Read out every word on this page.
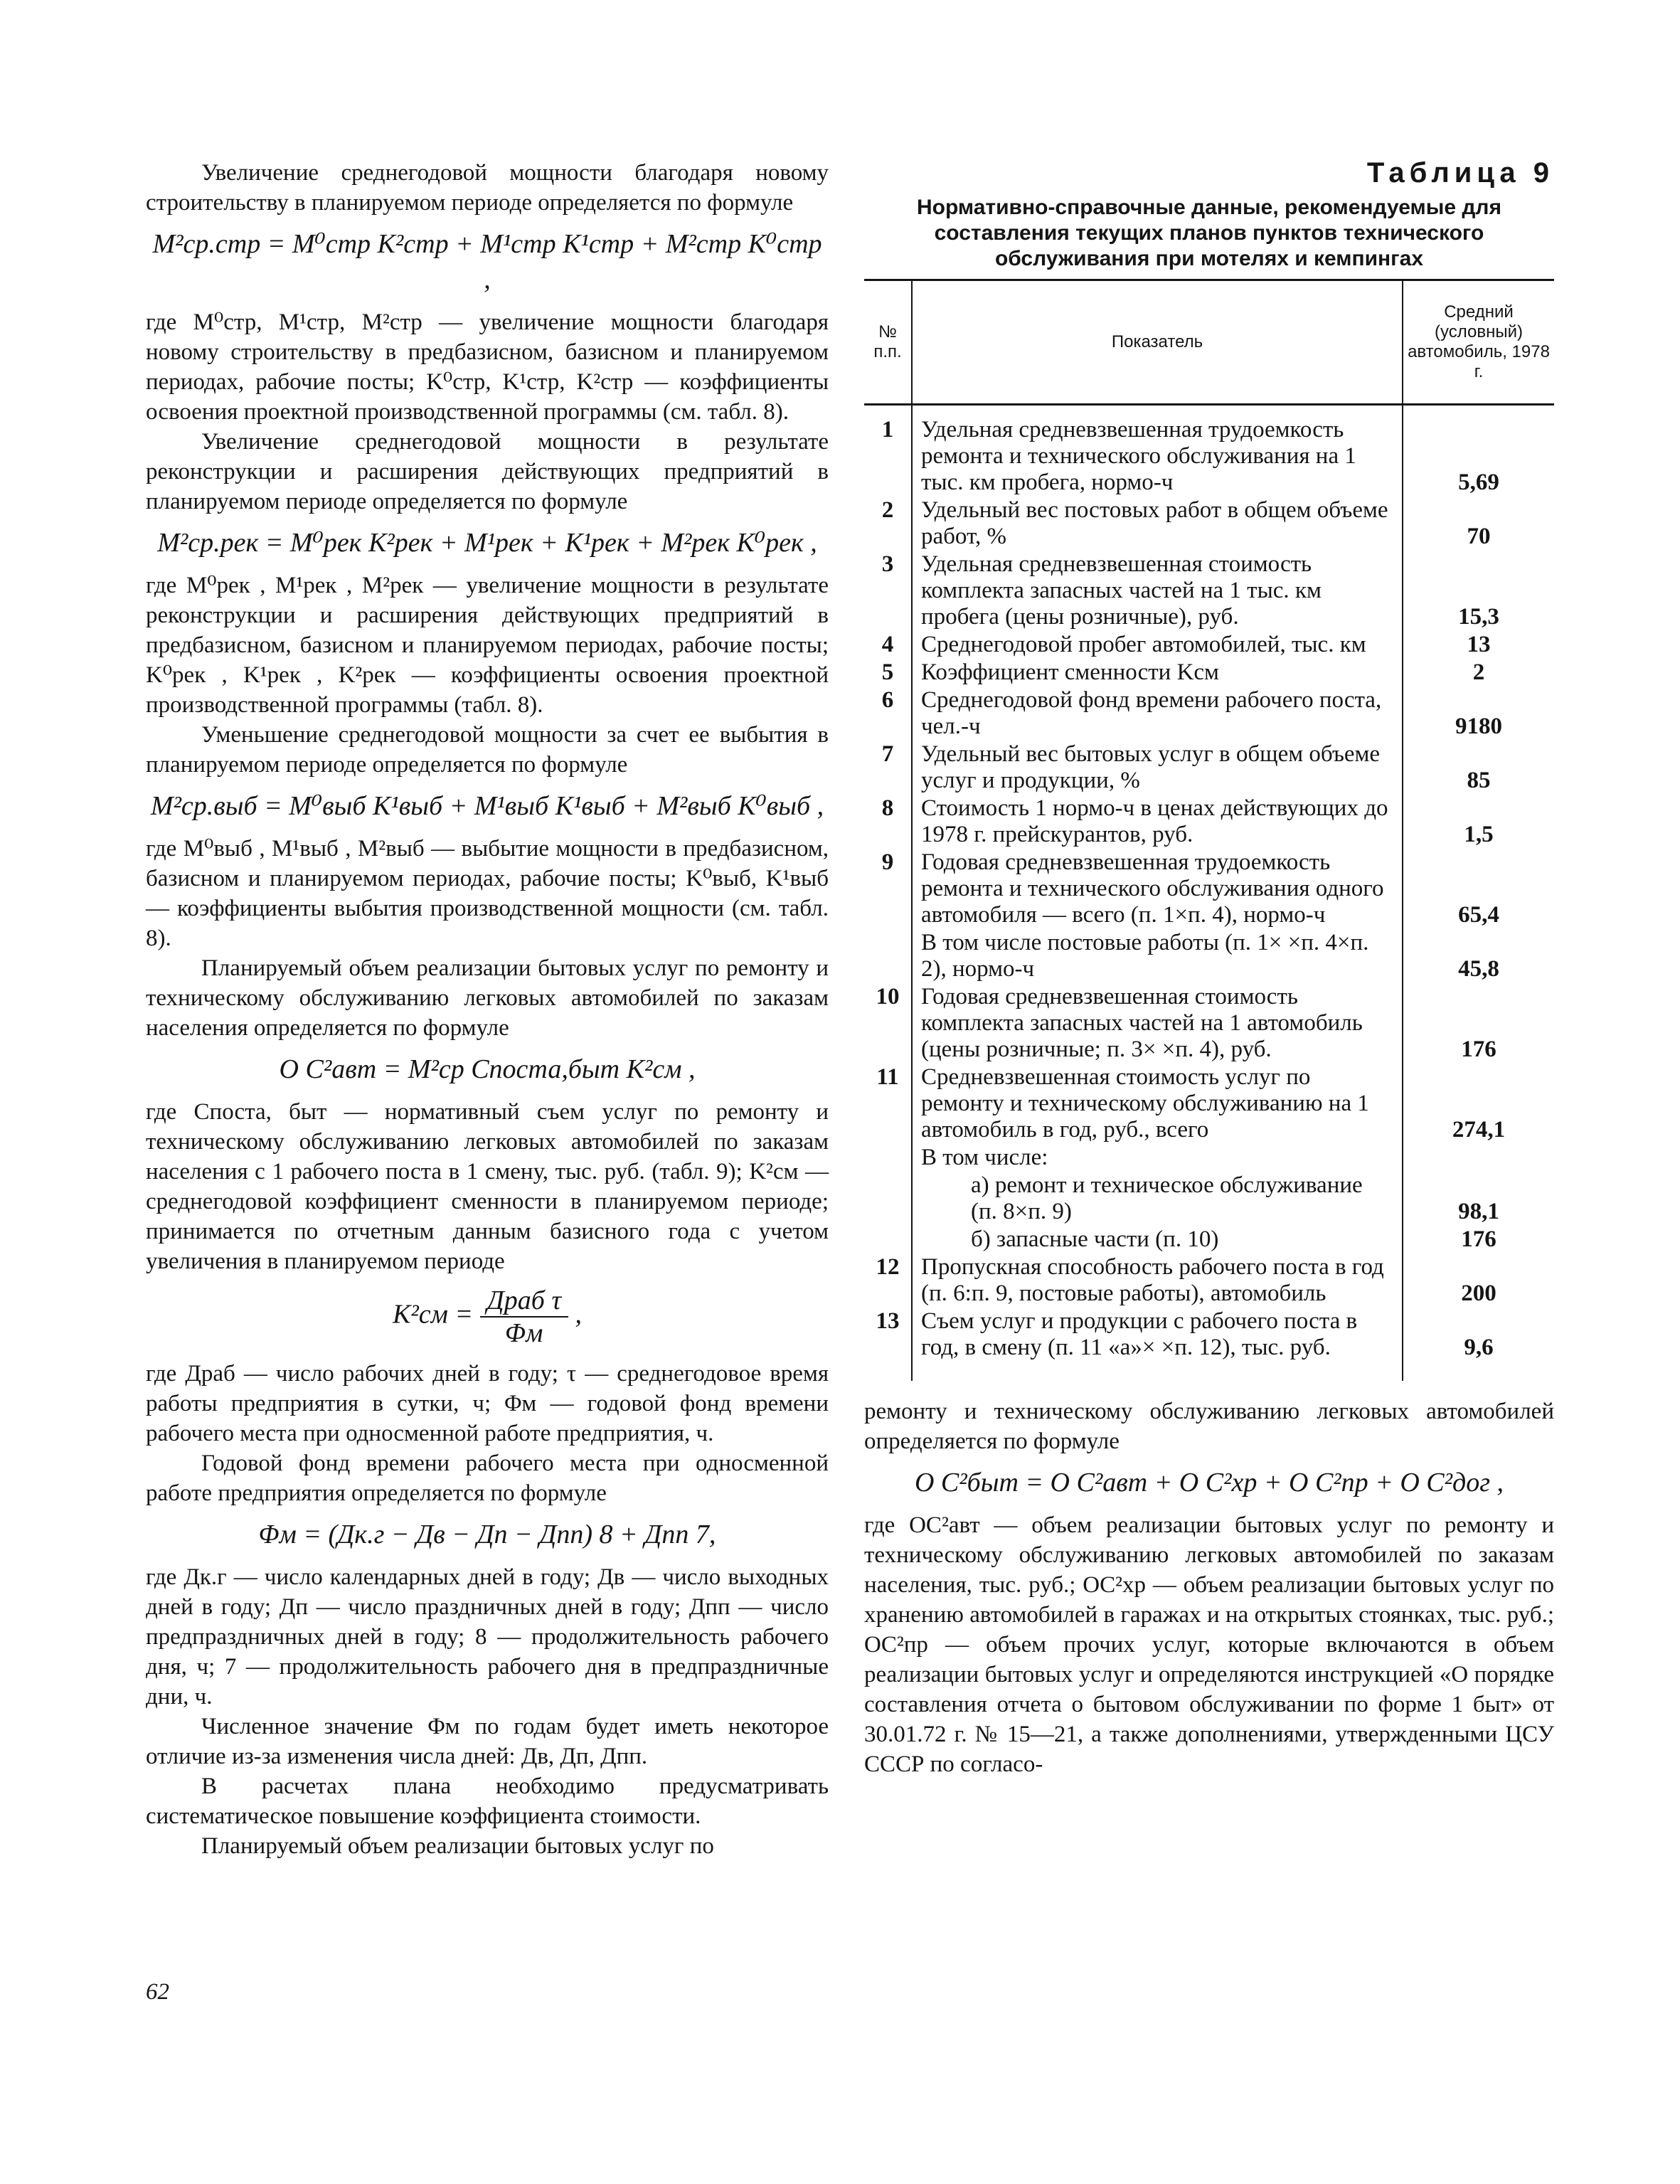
Увеличение среднегодовой мощности благодаря новому строительству в планируемом периоде определяется по формуле

M²ср.стр = M⁰стр K²стр + M¹стр K¹стр + M²стр K⁰стр ,

где M⁰стр, M¹стр, M²стр — увеличение мощности благодаря новому строительству в предбазисном, базисном и планируемом периодах, рабочие посты; K⁰стр, K¹стр, K²стр — коэффициенты освоения проектной производственной программы (см. табл. 8).

Увеличение среднегодовой мощности в результате реконструкции и расширения действующих предприятий в планируемом периоде определяется по формуле

M²ср.рек = M⁰рек K²рек + M¹рек + K¹рек + M²рек K⁰рек ,

где M⁰рек , M¹рек , M²рек — увеличение мощности в результате реконструкции и расширения действующих предприятий в предбазисном, базисном и планируемом периодах, рабочие посты; K⁰рек , K¹рек , K²рек — коэффициенты освоения проектной производственной программы (табл. 8).

Уменьшение среднегодовой мощности за счет ее выбытия в планируемом периоде определяется по формуле

M²ср.выб = M⁰выб K¹выб + M¹выб K¹выб + M²выб K⁰выб ,

где M⁰выб , M¹выб , M²выб — выбытие мощности в предбазисном, базисном и планируемом периодах, рабочие посты; K⁰выб, K¹выб — коэффициенты выбытия производственной мощности (см. табл. 8).

Планируемый объем реализации бытовых услуг по ремонту и техническому обслуживанию легковых автомобилей по заказам населения определяется по формуле

O C²авт = M²ср Cпоста,быт K²см ,

где Cпоста, быт — нормативный съем услуг по ремонту и техническому обслуживанию легковых автомобилей по заказам населения с 1 рабочего поста в 1 смену, тыс. руб. (табл. 9); K²см — среднегодовой коэффициент сменности в планируемом периоде; принимается по отчетным данным базисного года с учетом увеличения в планируемом периоде

$K^2см = \frac{\text{Драб τ}}{\Phi м}$ ,

где Драб — число рабочих дней в году; τ — среднегодовое время работы предприятия в сутки, ч; Φм — годовой фонд времени рабочего места при односменной работе предприятия, ч.

Годовой фонд времени рабочего места при односменной работе предприятия определяется по формуле

Φм = (Дк.г − Дв − Дп − Дпп) 8 + Дпп 7,

где Дк.г — число календарных дней в году; Дв — число выходных дней в году; Дп — число праздничных дней в году; Дпп — число предпраздничных дней в году; 8 — продолжительность рабочего дня, ч; 7 — продолжительность рабочего дня в предпраздничные дни, ч.

Численное значение Φм по годам будет иметь некоторое отличие из-за изменения числа дней: Дв, Дп, Дпп.

В расчетах плана необходимо предусматривать систематическое повышение коэффициента стоимости.

Планируемый объем реализации бытовых услуг по

Таблица 9
Нормативно-справочные данные, рекомендуемые для составления текущих планов пунктов технического обслуживания при мотелях и кемпингах
№ п.п.	Показатель	Средний (условный) автомобиль, 1978 г.
1	Удельная средневзвешенная трудоемкость ремонта и технического обслуживания на 1 тыс. км пробега, нормо-ч	5,69
2	Удельный вес постовых работ в общем объеме работ, %	70
3	Удельная средневзвешенная стоимость комплекта запасных частей на 1 тыс. км пробега (цены розничные), руб.	15,3
4	Среднегодовой пробег автомобилей, тыс. км	13
5	Коэффициент сменности Kсм	2
6	Среднегодовой фонд времени рабочего поста, чел.-ч	9180
7	Удельный вес бытовых услуг в общем объеме услуг и продукции, %	85
8	Стоимость 1 нормо-ч в ценах действующих до 1978 г. прейскурантов, руб.	1,5
9	Годовая средневзвешенная трудоемкость ремонта и технического обслуживания одного автомобиля — всего (п. 1×п. 4), нормо-ч	65,4

	В том числе постовые работы (п. 1× ×п. 4×п. 2), нормо-ч	45,8
10	Годовая средневзвешенная стоимость комплекта запасных частей на 1 автомобиль (цены розничные; п. 3× ×п. 4), руб.	176
11	Средневзвешенная стоимость услуг по ремонту и техническому обслуживанию на 1 автомобиль в год, руб., всего	274,1

	В том числе:	

	а) ремонт и техническое обслуживание (п. 8×п. 9)	98,1

	б) запасные части (п. 10)	176
12	Пропускная способность рабочего поста в год (п. 6:п. 9, постовые работы), автомобиль	200
13	Съем услуг и продукции с рабочего поста в год, в смену (п. 11 «а»× ×п. 12), тыс. руб.	9,6

ремонту и техническому обслуживанию легковых автомобилей определяется по формуле

O C²быт = O C²авт + O C²хр + O C²пр + O C²дог ,

где OC²авт — объем реализации бытовых услуг по ремонту и техническому обслуживанию легковых автомобилей по заказам населения, тыс. руб.; OC²хр — объем реализации бытовых услуг по хранению автомобилей в гаражах и на открытых стоянках, тыс. руб.; OC²пр — объем прочих услуг, которые включаются в объем реализации бытовых услуг и определяются инструкцией «О порядке составления отчета о бытовом обслуживании по форме 1 быт» от 30.01.72 г. № 15—21, а также дополнениями, утвержденными ЦСУ СССР по согласо-

62
